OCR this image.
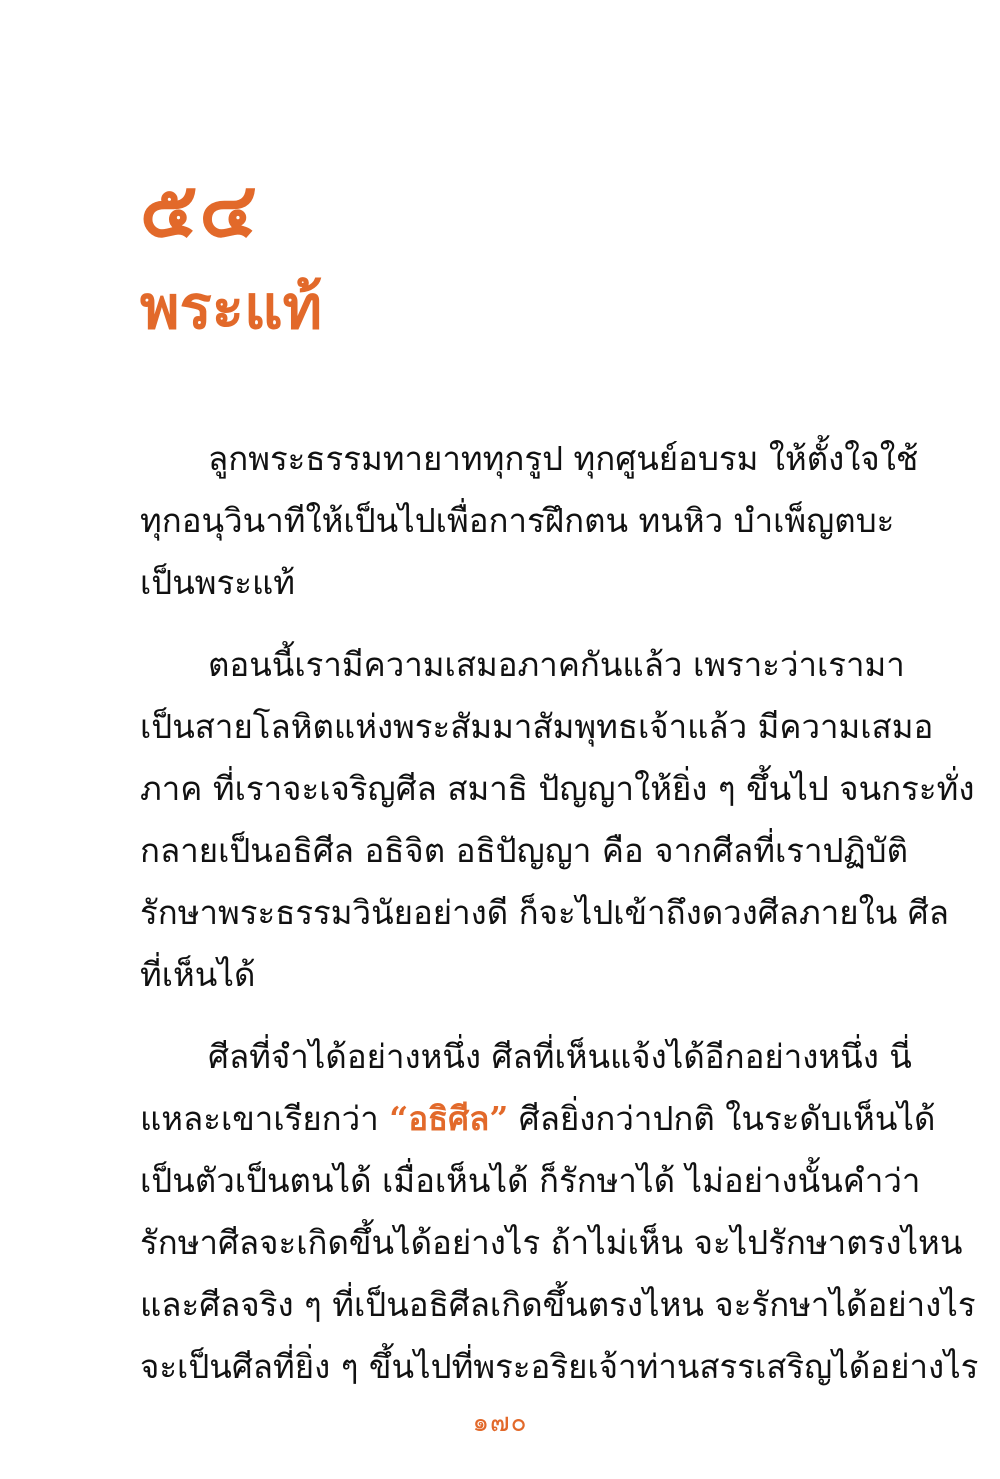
๕๔
พระแท้

ลูกพระธรรมทายาททุกรูป ทุกศูนย์อบรม ให้ตั้งใจใช้
ทุกอนุวินาทีให้เป็นไปเพื่อการฝึกตน ทนหิว บำเพ็ญตบะ
เป็นพระแท้

ตอนนี้เรามีความเสมอภาคกันแล้ว เพราะว่าเรามา
เป็นสายโลหิตแห่งพระสัมมาสัมพุทธเจ้าแล้ว มีความเสมอ
ภาค ที่เราจะเจริญศีล สมาธิ ปัญญาให้ยิ่ง ๆ ขึ้นไป จนกระทั่ง
กลายเป็นอธิศีล อธิจิต อธิปัญญา คือ จากศีลที่เราปฏิบัติ
รักษาพระธรรมวินัยอย่างดี ก็จะไปเข้าถึงดวงศีลภายใน ศีล
ที่เห็นได้

ศีลที่จำได้อย่างหนึ่ง ศีลที่เห็นแจ้งได้อีกอย่างหนึ่ง นี่
แหละเขาเรียกว่า “อธิศีล” ศีลยิ่งกว่าปกติ ในระดับเห็นได้
เป็นตัวเป็นตนได้ เมื่อเห็นได้ ก็รักษาได้ ไม่อย่างนั้นคำว่า
รักษาศีลจะเกิดขึ้นได้อย่างไร ถ้าไม่เห็น จะไปรักษาตรงไหน
และศีลจริง ๆ ที่เป็นอธิศีลเกิดขึ้นตรงไหน จะรักษาได้อย่างไร
จะเป็นศีลที่ยิ่ง ๆ ขึ้นไปที่พระอริยเจ้าท่านสรรเสริญได้อย่างไร

๑๗๐
